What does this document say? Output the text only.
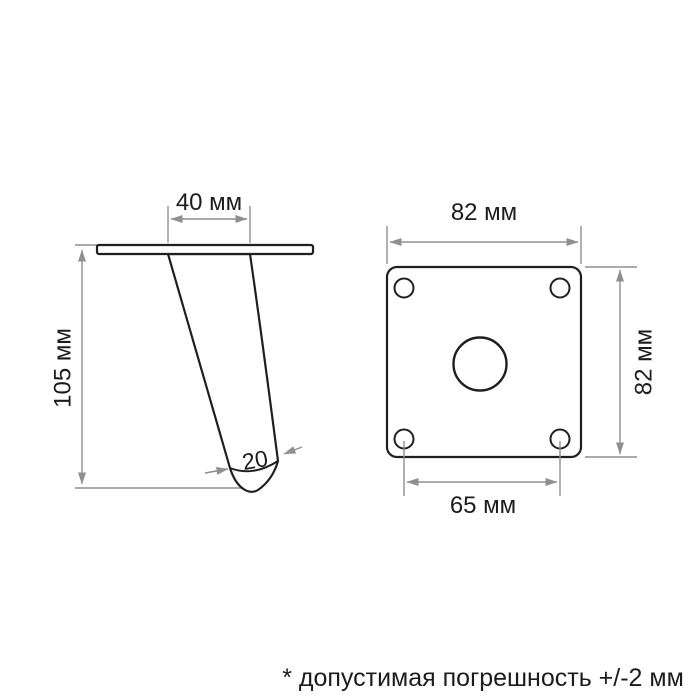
40 мм
105 мм
20
82 мм
82 мм
65 мм
* допустимая погрешность +/-2 мм
